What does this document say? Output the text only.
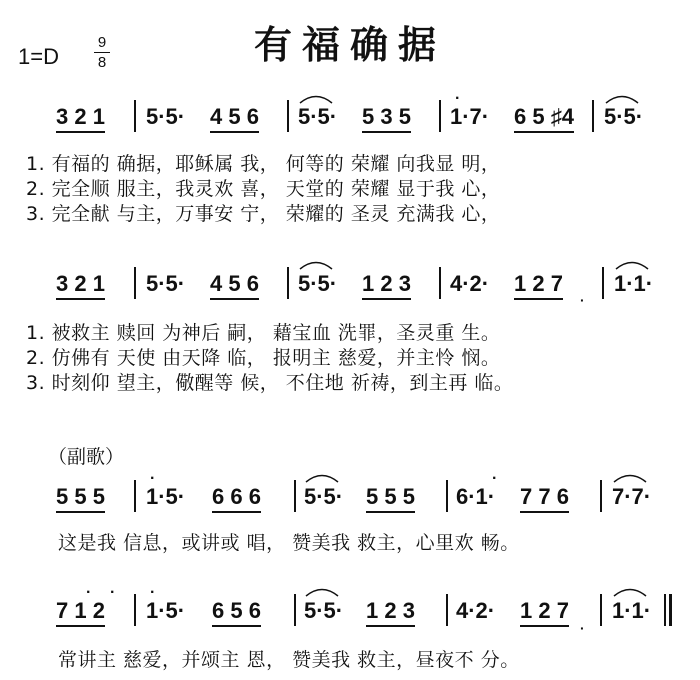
有福确据
1=D
9
8
3 2 1 5·5· 4 5 6 5·5· 5 3 5 1·7· 6 5 ♯4 5·5·
·
1. 有福的 确据，耶稣属 我， 何等的 荣耀 向我显 明，
2. 完全顺 服主，我灵欢 喜， 天堂的 荣耀 显于我 心，
3. 完全献 与主，万事安 宁， 荣耀的 圣灵 充满我 心，
3 2 1 5·5· 4 5 6 5·5· 1 2 3 4·2· 1 2 7 1·1·
·
1. 被救主 赎回 为神后 嗣， 藉宝血 洗罪，圣灵重 生。
2. 仿佛有 天使 由天降 临， 报明主 慈爱，并主怜 悯。
3. 时刻仰 望主，儆醒等 候， 不住地 祈祷，到主再 临。
（副歌）
5 5 5 1·5· 6 6 6 5·5· 5 5 5 6·1· 7 7 6 7·7·
·	·
这是我 信息，或讲或 唱， 赞美我 救主，心里欢 畅。
7 1 2 1·5· 6 5 6 5·5· 1 2 3 4·2· 1 2 7 1·1·
· · ·
·
常讲主 慈爱，并颂主 恩， 赞美我 救主，昼夜不 分。
